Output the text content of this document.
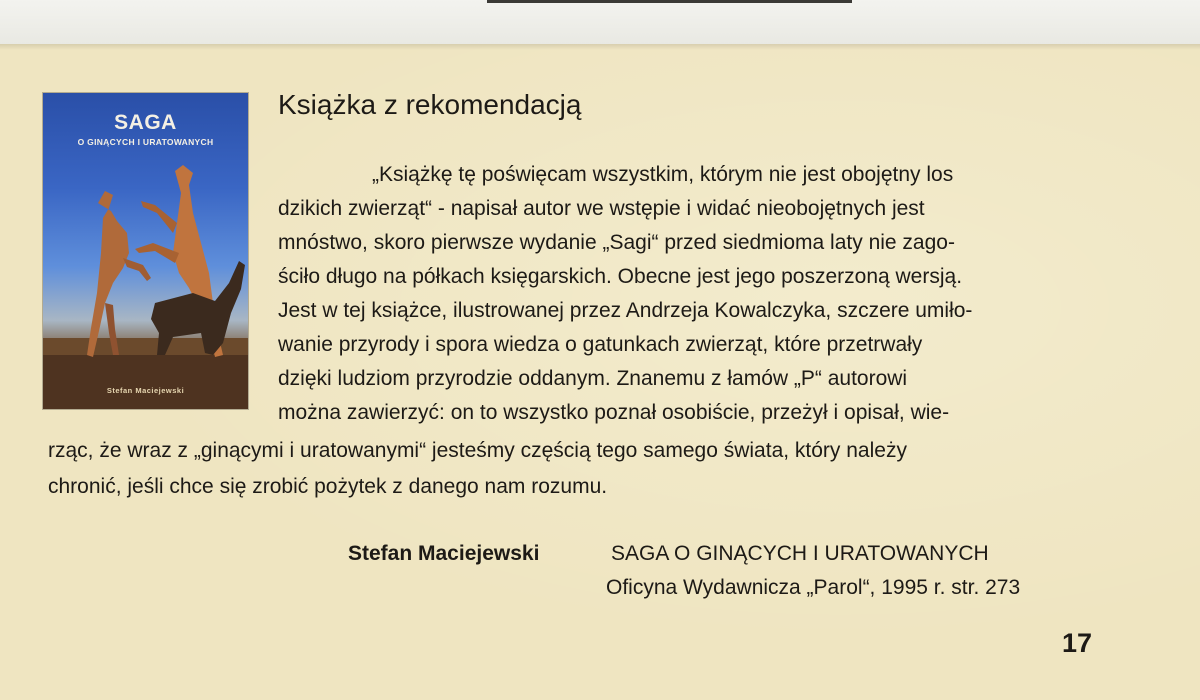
SAGA
O GINĄCYCH I URATOWANYCH
Stefan Maciejewski
Książka z rekomendacją
„Książkę tę poświęcam wszystkim, którym nie jest obojętny los
dzikich zwierząt“ - napisał autor we wstępie i widać nieobojętnych jest
mnóstwo, skoro pierwsze wydanie „Sagi“ przed siedmioma laty nie zago-
ściło długo na półkach księgarskich. Obecne jest jego poszerzoną wersją.
Jest w tej książce, ilustrowanej przez Andrzeja Kowalczyka, szczere umiło-
wanie przyrody i spora wiedza o gatunkach zwierząt, które przetrwały
dzięki ludziom przyrodzie oddanym. Znanemu z łamów „P“ autorowi
można zawierzyć: on to wszystko poznał osobiście, przeżył i opisał, wie-
rząc, że wraz z „ginącymi i uratowanymi“ jesteśmy częścią tego samego świata, który należy
chronić, jeśli chce się zrobić pożytek z danego nam rozumu.
Stefan Maciejewski	SAGA O GINĄCYCH I URATOWANYCH
Oficyna Wydawnicza „Parol“, 1995 r. str. 273
17
